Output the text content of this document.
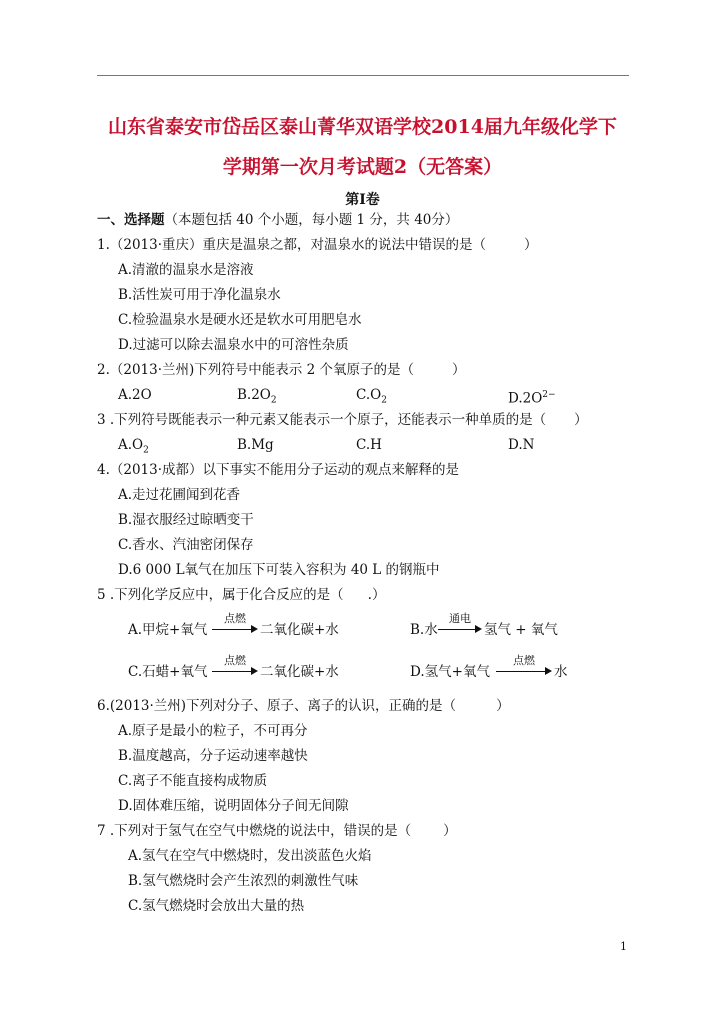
山东省泰安市岱岳区泰山菁华双语学校2014届九年级化学下
学期第一次月考试题2（无答案）
第Ⅰ卷
一、选择题（本题包括 40 个小题，每小题 1 分，共 40分）
1.（2013·重庆）重庆是温泉之都，对温泉水的说法中错误的是（	）
A.清澈的温泉水是溶液
B.活性炭可用于净化温泉水
C.检验温泉水是硬水还是软水可用肥皂水
D.过滤可以除去温泉水中的可溶性杂质
2.（2013·兰州)下列符号中能表示 2 个氧原子的是（	）
A.2O	$B.2O_2$	$C.O_2$	$D.2O^{2-}$
3 .下列符号既能表示一种元素又能表示一个原子，还能表示一种单质的是（ ）
$A.O_2$	B.Mg	C.H	D.N
4.（2013·成都）以下事实不能用分子运动的观点来解释的是
A.走过花圃闻到花香
B.湿衣服经过晾晒变干
C.香水、汽油密闭保存
D.6 000 L氧气在加压下可装入容积为 40 L 的钢瓶中
5 .下列化学反应中，属于化合反应的是（ .）
A.甲烷+氧气
点燃
二氧化碳+水	B.水
通电
氢气 + 氧气
C.石蜡+氧气
点燃
二氧化碳+水	D.氢气+氧气
点燃
水
6.(2013·兰州)下列对分子、原子、离子的认识，正确的是（	）
A.原子是最小的粒子，不可再分
B.温度越高，分子运动速率越快
C.离子不能直接构成物质
D.固体难压缩，说明固体分子间无间隙
7 .下列对于氢气在空气中燃烧的说法中，错误的是（ ）
A.氢气在空气中燃烧时，发出淡蓝色火焰
B.氢气燃烧时会产生浓烈的刺激性气味
C.氢气燃烧时会放出大量的热
1
